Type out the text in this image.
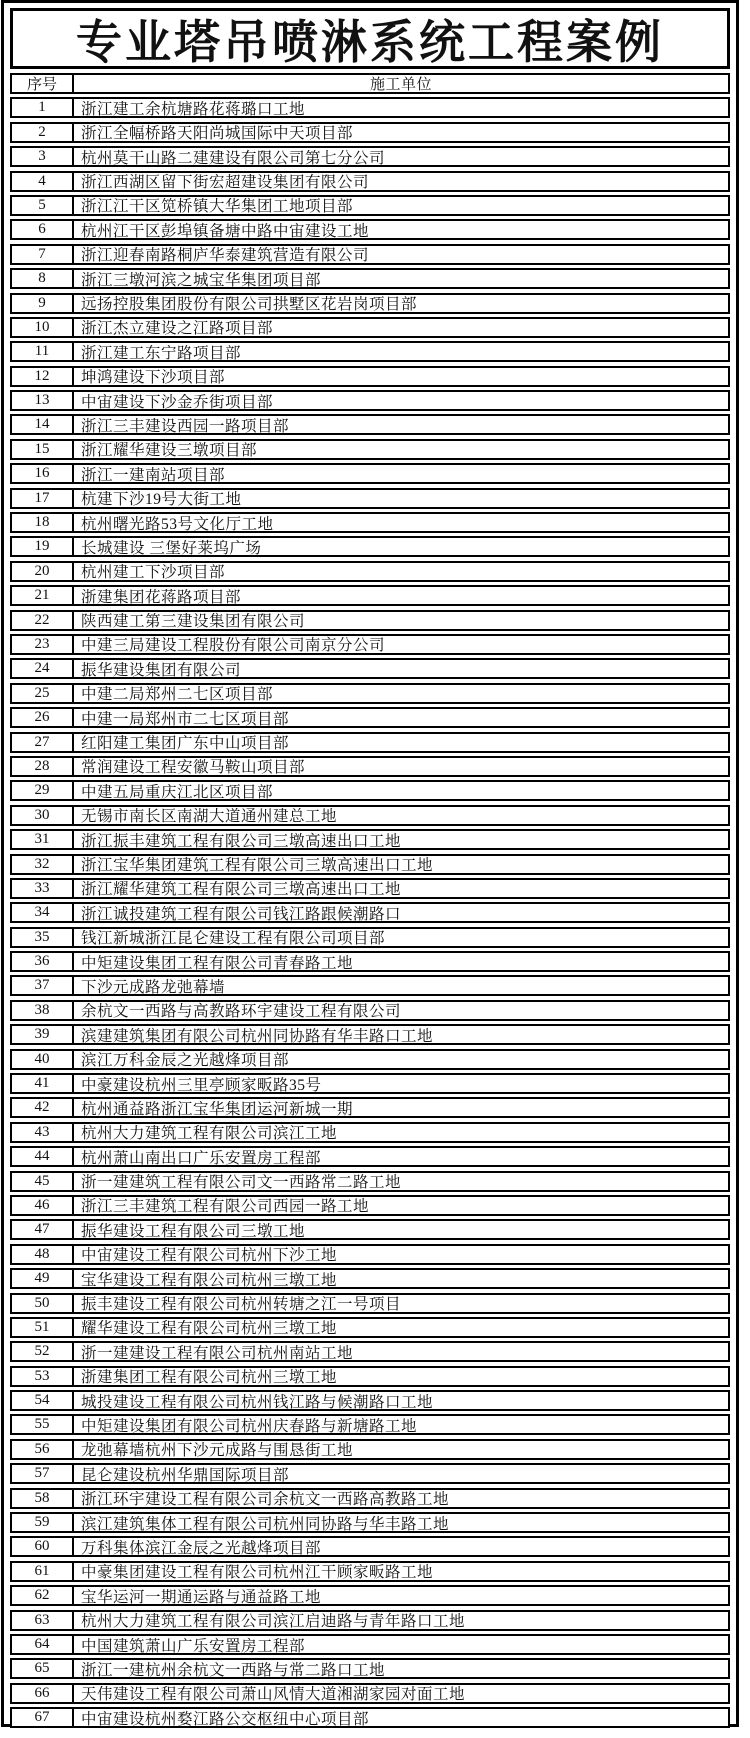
专业塔吊喷淋系统工程案例
序号	施工单位
1	浙江建工余杭塘路花蒋璐口工地
2	浙江全幅桥路天阳尚城国际中天项目部
3	杭州莫干山路二建建设有限公司第七分公司
4	浙江西湖区留下街宏超建设集团有限公司
5	浙江江干区笕桥镇大华集团工地项目部
6	杭州江干区彭埠镇备塘中路中宙建设工地
7	浙江迎春南路桐庐华泰建筑营造有限公司
8	浙江三墩河滨之城宝华集团项目部
9	远扬控股集团股份有限公司拱墅区花岩岗项目部
10	浙江杰立建设之江路项目部
11	浙江建工东宁路项目部
12	坤鸿建设下沙项目部
13	中宙建设下沙金乔街项目部
14	浙江三丰建设西园一路项目部
15	浙江耀华建设三墩项目部
16	浙江一建南站项目部
17	杭建下沙19号大街工地
18	杭州曙光路53号文化厅工地
19	长城建设 三堡好莱坞广场
20	杭州建工下沙项目部
21	浙建集团花蒋路项目部
22	陕西建工第三建设集团有限公司
23	中建三局建设工程股份有限公司南京分公司
24	振华建设集团有限公司
25	中建二局郑州二七区项目部
26	中建一局郑州市二七区项目部
27	红阳建工集团广东中山项目部
28	常润建设工程安徽马鞍山项目部
29	中建五局重庆江北区项目部
30	无锡市南长区南湖大道通州建总工地
31	浙江振丰建筑工程有限公司三墩高速出口工地
32	浙江宝华集团建筑工程有限公司三墩高速出口工地
33	浙江耀华建筑工程有限公司三墩高速出口工地
34	浙江诚投建筑工程有限公司钱江路跟候潮路口
35	钱江新城浙江昆仑建设工程有限公司项目部
36	中矩建设集团工程有限公司青春路工地
37	下沙元成路龙弛幕墙
38	余杭文一西路与高教路环宇建设工程有限公司
39	滨建建筑集团有限公司杭州同协路有华丰路口工地
40	滨江万科金辰之光越烽项目部
41	中豪建设杭州三里亭顾家畈路35号
42	杭州通益路浙江宝华集团运河新城一期
43	杭州大力建筑工程有限公司滨江工地
44	杭州萧山南出口广乐安置房工程部
45	浙一建建筑工程有限公司文一西路常二路工地
46	浙江三丰建筑工程有限公司西园一路工地
47	振华建设工程有限公司三墩工地
48	中宙建设工程有限公司杭州下沙工地
49	宝华建设工程有限公司杭州三墩工地
50	振丰建设工程有限公司杭州转塘之江一号项目
51	耀华建设工程有限公司杭州三墩工地
52	浙一建建设工程有限公司杭州南站工地
53	浙建集团工程有限公司杭州三墩工地
54	城投建设工程有限公司杭州钱江路与候潮路口工地
55	中矩建设集团有限公司杭州庆春路与新塘路工地
56	龙弛幕墙杭州下沙元成路与围恳街工地
57	昆仑建设杭州华鼎国际项目部
58	浙江环宇建设工程有限公司余杭文一西路高教路工地
59	滨江建筑集体工程有限公司杭州同协路与华丰路工地
60	万科集体滨江金辰之光越烽项目部
61	中豪集团建设工程有限公司杭州江干顾家畈路工地
62	宝华运河一期通运路与通益路工地
63	杭州大力建筑工程有限公司滨江启迪路与青年路口工地
64	中国建筑萧山广乐安置房工程部
65	浙江一建杭州余杭文一西路与常二路口工地
66	天伟建设工程有限公司萧山风情大道湘湖家园对面工地
67	中宙建设杭州婺江路公交枢纽中心项目部
